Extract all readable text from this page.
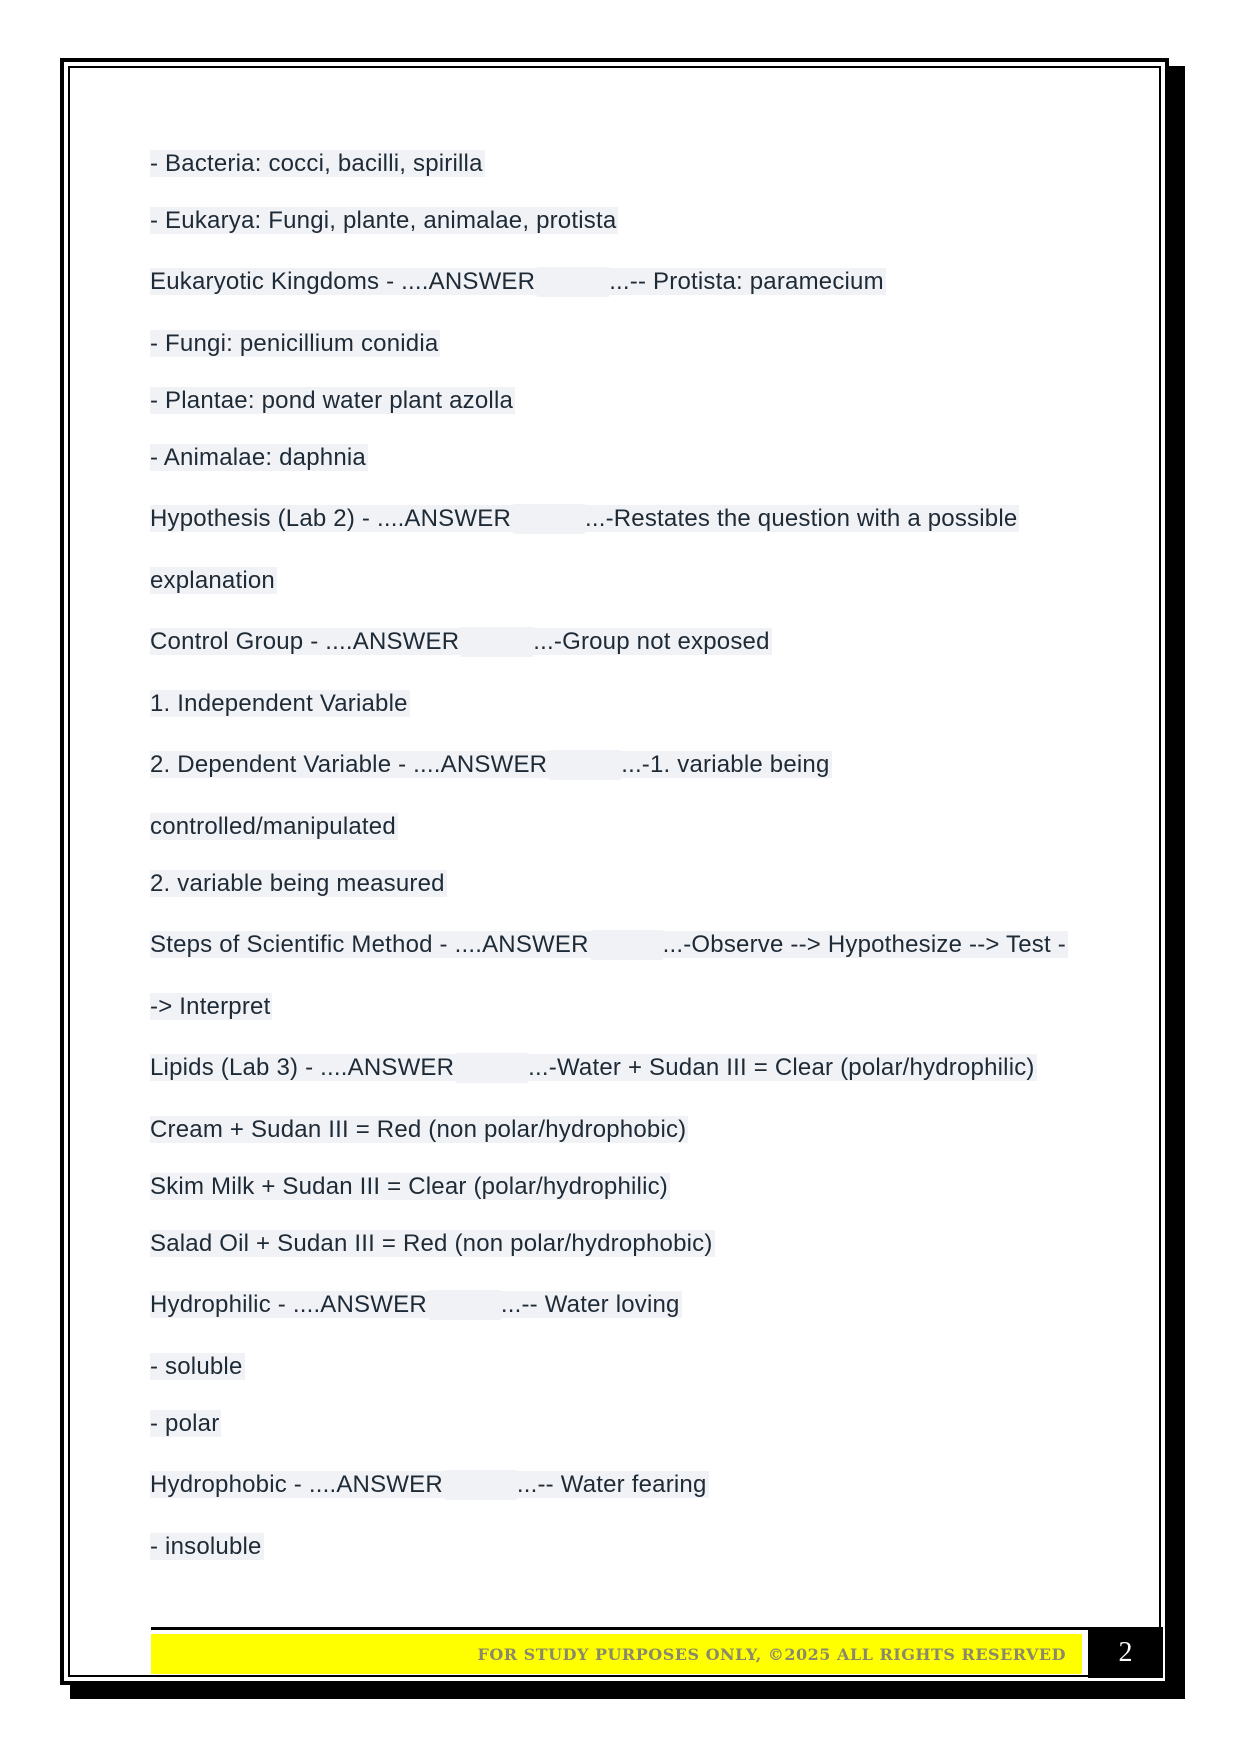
- Bacteria: cocci, bacilli, spirilla
- Eukarya: Fungi, plante, animalae, protista
Eukaryotic Kingdoms - ....ANSWER	...-- Protista: paramecium
- Fungi: penicillium conidia
- Plantae: pond water plant azolla
- Animalae: daphnia
Hypothesis (Lab 2) - ....ANSWER	...-Restates the question with a possible
explanation
Control Group - ....ANSWER	...-Group not exposed
1. Independent Variable
2. Dependent Variable - ....ANSWER	...-1. variable being
controlled/manipulated
2. variable being measured
Steps of Scientific Method - ....ANSWER	...-Observe --> Hypothesize --> Test -
-> Interpret
Lipids (Lab 3) - ....ANSWER	...-Water + Sudan III = Clear (polar/hydrophilic)
Cream + Sudan III = Red (non polar/hydrophobic)
Skim Milk + Sudan III = Clear (polar/hydrophilic)
Salad Oil + Sudan III = Red (non polar/hydrophobic)
Hydrophilic - ....ANSWER	...-- Water loving
- soluble
- polar
Hydrophobic - ....ANSWER	...-- Water fearing
- insoluble
FOR STUDY PURPOSES ONLY, ©2025 ALL RIGHTS RESERVED	2
